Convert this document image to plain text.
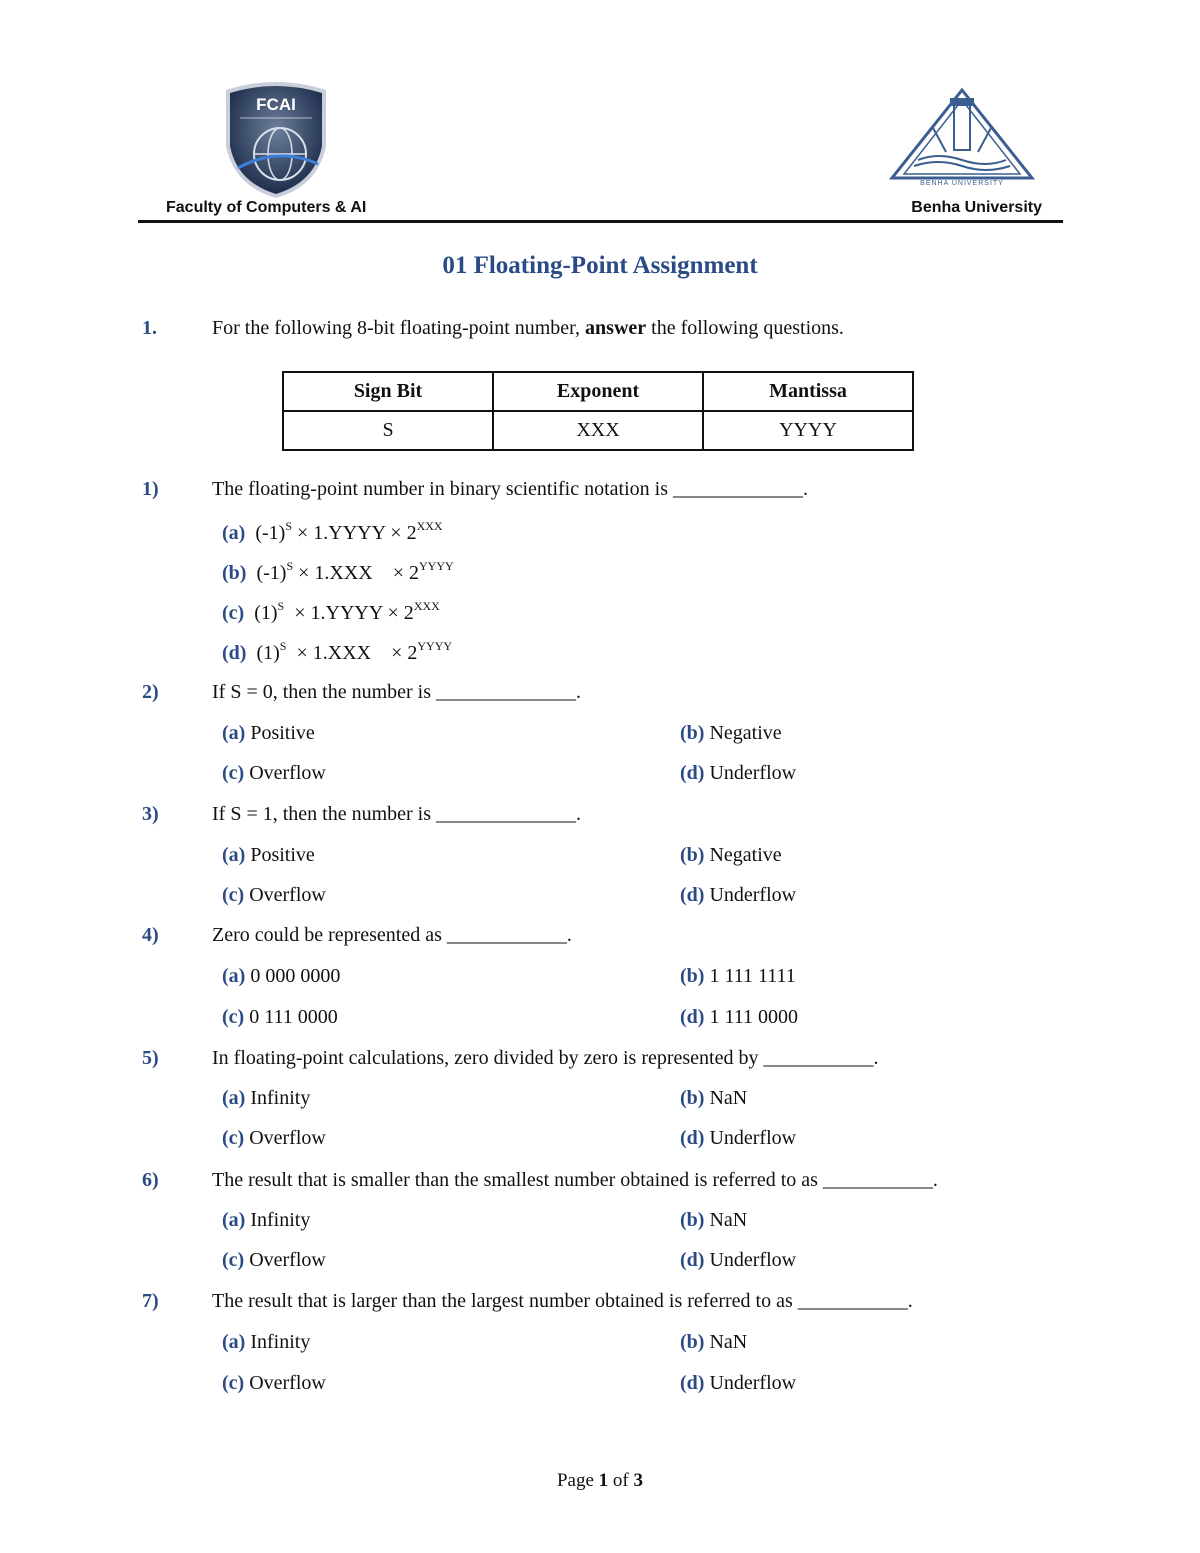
FCAI
BENHA UNIVERSITY
Faculty of Computers & AI	Benha University
01 Floating-Point Assignment
1.	For the following 8-bit floating-point number, answer the following questions.
Sign Bit	Exponent	Mantissa
S	XXX	YYYY
1)	The floating-point number in binary scientific notation is _____________.
(a) $(-1)^S$ × 1.YYYY × $2^{XXX}$
(b) $(-1)^S \times 1.XXX$    × $2^{YYYY}$
(c) $(1)^S$  × 1.YYYY × $2^{XXX}$
(d) $(1)^S \times 1.XXX$    × $2^{YYYY}$
2)	If S = 0, then the number is ______________.
(a) Positive	(b) Negative
(c) Overflow	(d) Underflow
3)	If S = 1, then the number is ______________.
(a) Positive	(b) Negative
(c) Overflow	(d) Underflow
4)	Zero could be represented as ____________.
(a) 0 000 0000	(b) 1 111 1111
(c) 0 111 0000	(d) 1 111 0000
5)	In floating-point calculations, zero divided by zero is represented by ___________.
(a) Infinity	(b) NaN
(c) Overflow	(d) Underflow
6)	The result that is smaller than the smallest number obtained is referred to as ___________.
(a) Infinity	(b) NaN
(c) Overflow	(d) Underflow
7)	The result that is larger than the largest number obtained is referred to as ___________.
(a) Infinity	(b) NaN
(c) Overflow	(d) Underflow
Page 1 of 3
